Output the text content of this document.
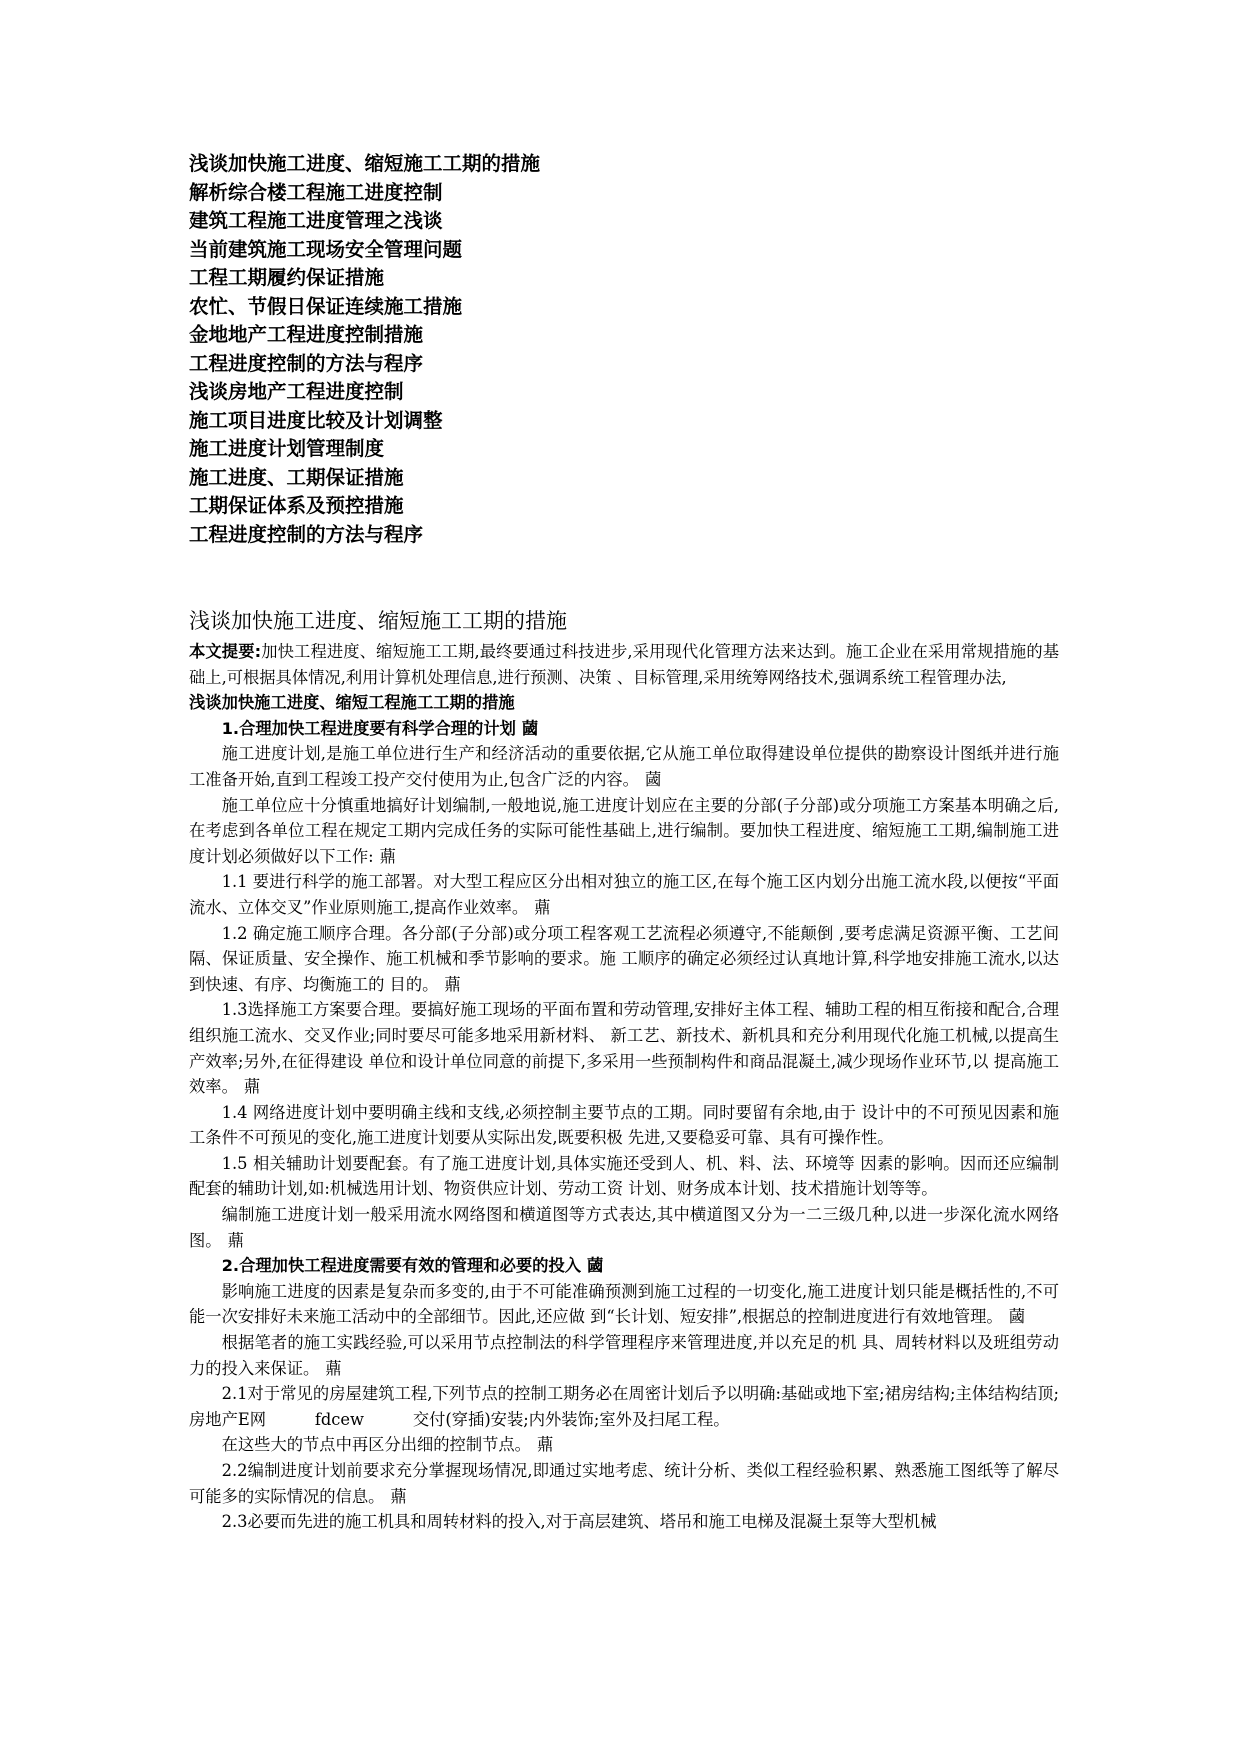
浅谈加快施工进度、缩短施工工期的措施
解析综合楼工程施工进度控制
建筑工程施工进度管理之浅谈
当前建筑施工现场安全管理问题
工程工期履约保证措施
农忙、节假日保证连续施工措施
金地地产工程进度控制措施
工程进度控制的方法与程序
浅谈房地产工程进度控制
施工项目进度比较及计划调整
施工进度计划管理制度
施工进度、工期保证措施
工期保证体系及预控措施
工程进度控制的方法与程序
浅谈加快施工进度、缩短施工工期的措施
本文提要:加快工程进度、缩短施工工期,最终要通过科技进步,采用现代化管理方法来达到。施工企业在采用常规措施的基础上,可根据具体情况,利用计算机处理信息,进行预测、决策 、目标管理,采用统筹网络技术,强调系统工程管理办法,
浅谈加快施工进度、缩短工程施工工期的措施
1.合理加快工程进度要有科学合理的计划 蔮
施工进度计划,是施工单位进行生产和经济活动的重要依据,它从施工单位取得建设单位提供的勘察设计图纸并进行施工准备开始,直到工程竣工投产交付使用为止,包含广泛的内容。 蔮
施工单位应十分慎重地搞好计划编制,一般地说,施工进度计划应在主要的分部(子分部)或分项施工方案基本明确之后,在考虑到各单位工程在规定工期内完成任务的实际可能性基础上,进行编制。要加快工程进度、缩短施工工期,编制施工进度计划必须做好以下工作: 薡
1.1 要进行科学的施工部署。对大型工程应区分出相对独立的施工区,在每个施工区内划分出施工流水段,以便按“平面流水、立体交叉”作业原则施工,提高作业效率。 薡
1.2 确定施工顺序合理。各分部(子分部)或分项工程客观工艺流程必须遵守,不能颠倒 ,要考虑满足资源平衡、工艺间隔、保证质量、安全操作、施工机械和季节影响的要求。施 工顺序的确定必须经过认真地计算,科学地安排施工流水,以达到快速、有序、均衡施工的 目的。 薡
1.3选择施工方案要合理。要搞好施工现场的平面布置和劳动管理,安排好主体工程、辅助工程的相互衔接和配合,合理组织施工流水、交叉作业;同时要尽可能多地采用新材料、 新工艺、新技术、新机具和充分利用现代化施工机械,以提高生产效率;另外,在征得建设 单位和设计单位同意的前提下,多采用一些预制构件和商品混凝土,减少现场作业环节,以 提高施工效率。 薡
1.4 网络进度计划中要明确主线和支线,必须控制主要节点的工期。同时要留有余地,由于 设计中的不可预见因素和施工条件不可预见的变化,施工进度计划要从实际出发,既要积极 先进,又要稳妥可靠、具有可操作性。
1.5 相关辅助计划要配套。有了施工进度计划,具体实施还受到人、机、料、法、环境等 因素的影响。因而还应编制配套的辅助计划,如:机械选用计划、物资供应计划、劳动工资 计划、财务成本计划、技术措施计划等等。
编制施工进度计划一般采用流水网络图和横道图等方式表达,其中横道图又分为一二三级几种,以进一步深化流水网络图。 薡
2.合理加快工程进度需要有效的管理和必要的投入 蔮
影响施工进度的因素是复杂而多变的,由于不可能准确预测到施工过程的一切变化,施工进度计划只能是概括性的,不可能一次安排好未来施工活动中的全部细节。因此,还应做 到“长计划、短安排”,根据总的控制进度进行有效地管理。 蔮
根据笔者的施工实践经验,可以采用节点控制法的科学管理程序来管理进度,并以充足的机 具、周转材料以及班组劳动力的投入来保证。 薡
2.1对于常见的房屋建筑工程,下列节点的控制工期务必在周密计划后予以明确:基础或地下室;裙房结构;主体结构结顶;房地产E网　　　fdcew　　　交付(穿插)安装;内外装饰;室外及扫尾工程。
在这些大的节点中再区分出细的控制节点。 薡
2.2编制进度计划前要求充分掌握现场情况,即通过实地考虑、统计分析、类似工程经验积累、熟悉施工图纸等了解尽可能多的实际情况的信息。 薡
2.3必要而先进的施工机具和周转材料的投入,对于高层建筑、塔吊和施工电梯及混凝土泵等大型机械
